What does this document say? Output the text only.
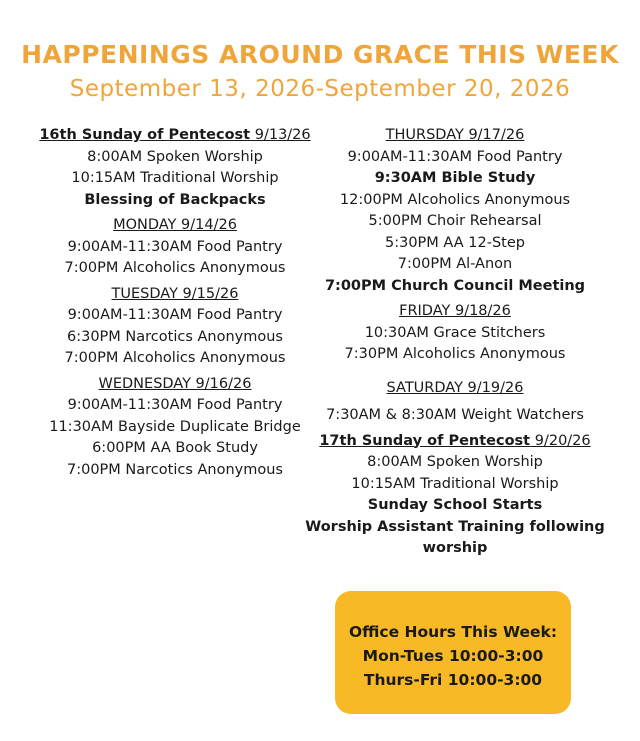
HAPPENINGS AROUND GRACE THIS WEEK
September 13, 2026-September 20, 2026
16th Sunday of Pentecost 9/13/26
8:00AM Spoken Worship
10:15AM Traditional Worship
Blessing of Backpacks
MONDAY 9/14/26
9:00AM-11:30AM Food Pantry
7:00PM Alcoholics Anonymous
TUESDAY 9/15/26
9:00AM-11:30AM Food Pantry
6:30PM Narcotics Anonymous
7:00PM Alcoholics Anonymous
WEDNESDAY 9/16/26
9:00AM-11:30AM Food Pantry
11:30AM Bayside Duplicate Bridge
6:00PM AA Book Study
7:00PM Narcotics Anonymous
THURSDAY 9/17/26
9:00AM-11:30AM Food Pantry
9:30AM Bible Study
12:00PM Alcoholics Anonymous
5:00PM Choir Rehearsal
5:30PM AA 12-Step
7:00PM Al-Anon
7:00PM Church Council Meeting
FRIDAY 9/18/26
10:30AM Grace Stitchers
7:30PM Alcoholics Anonymous
SATURDAY 9/19/26
7:30AM & 8:30AM Weight Watchers
17th Sunday of Pentecost 9/20/26
8:00AM Spoken Worship
10:15AM Traditional Worship
Sunday School Starts
Worship Assistant Training following
worship
Office Hours This Week:
Mon-Tues 10:00-3:00
Thurs-Fri 10:00-3:00
